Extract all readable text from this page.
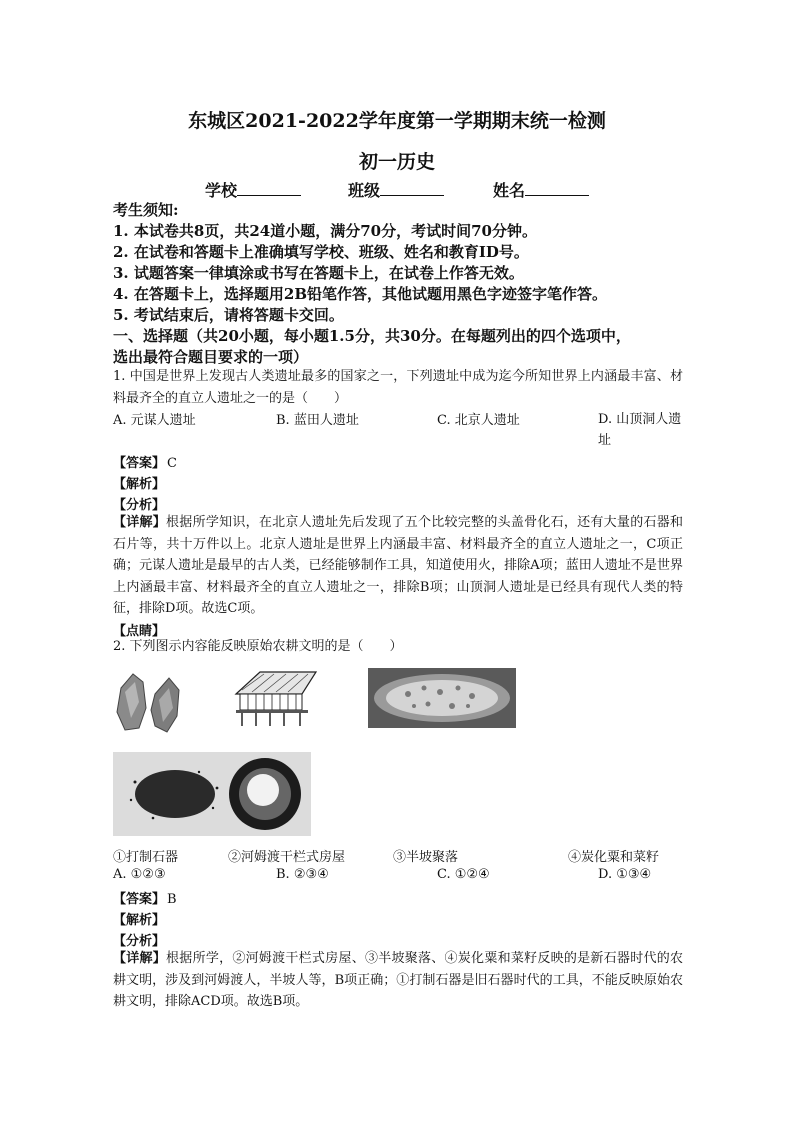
东城区2021-2022学年度第一学期期末统一检测
初一历史
学校	班级	姓名
考生须知:
1. 本试卷共8页，共24道小题，满分70分，考试时间70分钟。
2. 在试卷和答题卡上准确填写学校、班级、姓名和教育ID号。
3. 试题答案一律填涂或书写在答题卡上，在试卷上作答无效。
4. 在答题卡上，选择题用2B铅笔作答，其他试题用黑色字迹签字笔作答。
5. 考试结束后，请将答题卡交回。
一、选择题（共20小题，每小题1.5分，共30分。在每题列出的四个选项中，
选出最符合题目要求的一项）
1. 中国是世界上发现古人类遗址最多的国家之一，下列遗址中成为迄今所知世界上内涵最丰富、材料最齐全的直立人遗址之一的是（　　）
A. 元谋人遗址	B. 蓝田人遗址	C. 北京人遗址	D. 山顶洞人遗址
【答案】 C
【解析】
【分析】
【详解】根据所学知识，在北京人遗址先后发现了五个比较完整的头盖骨化石，还有大量的石器和石片等，共十万件以上。北京人遗址是世界上内涵最丰富、材料最齐全的直立人遗址之一，C项正确；元谋人遗址是最早的古人类，已经能够制作工具，知道使用火，排除A项；蓝田人遗址不是世界上内涵最丰富、材料最齐全的直立人遗址之一，排除B项；山顶洞人遗址是已经具有现代人类的特征，排除D项。故选C项。
【点睛】
2. 下列图示内容能反映原始农耕文明的是（　　）
①打制石器	②河姆渡干栏式房屋	③半坡聚落	④炭化粟和菜籽
A. ①②③	B. ②③④	C. ①②④	D. ①③④
【答案】 B
【解析】
【分析】
【详解】根据所学，②河姆渡干栏式房屋、③半坡聚落、④炭化粟和菜籽反映的是新石器时代的农耕文明，涉及到河姆渡人，半坡人等，B项正确；①打制石器是旧石器时代的工具，不能反映原始农耕文明，排除ACD项。故选B项。
